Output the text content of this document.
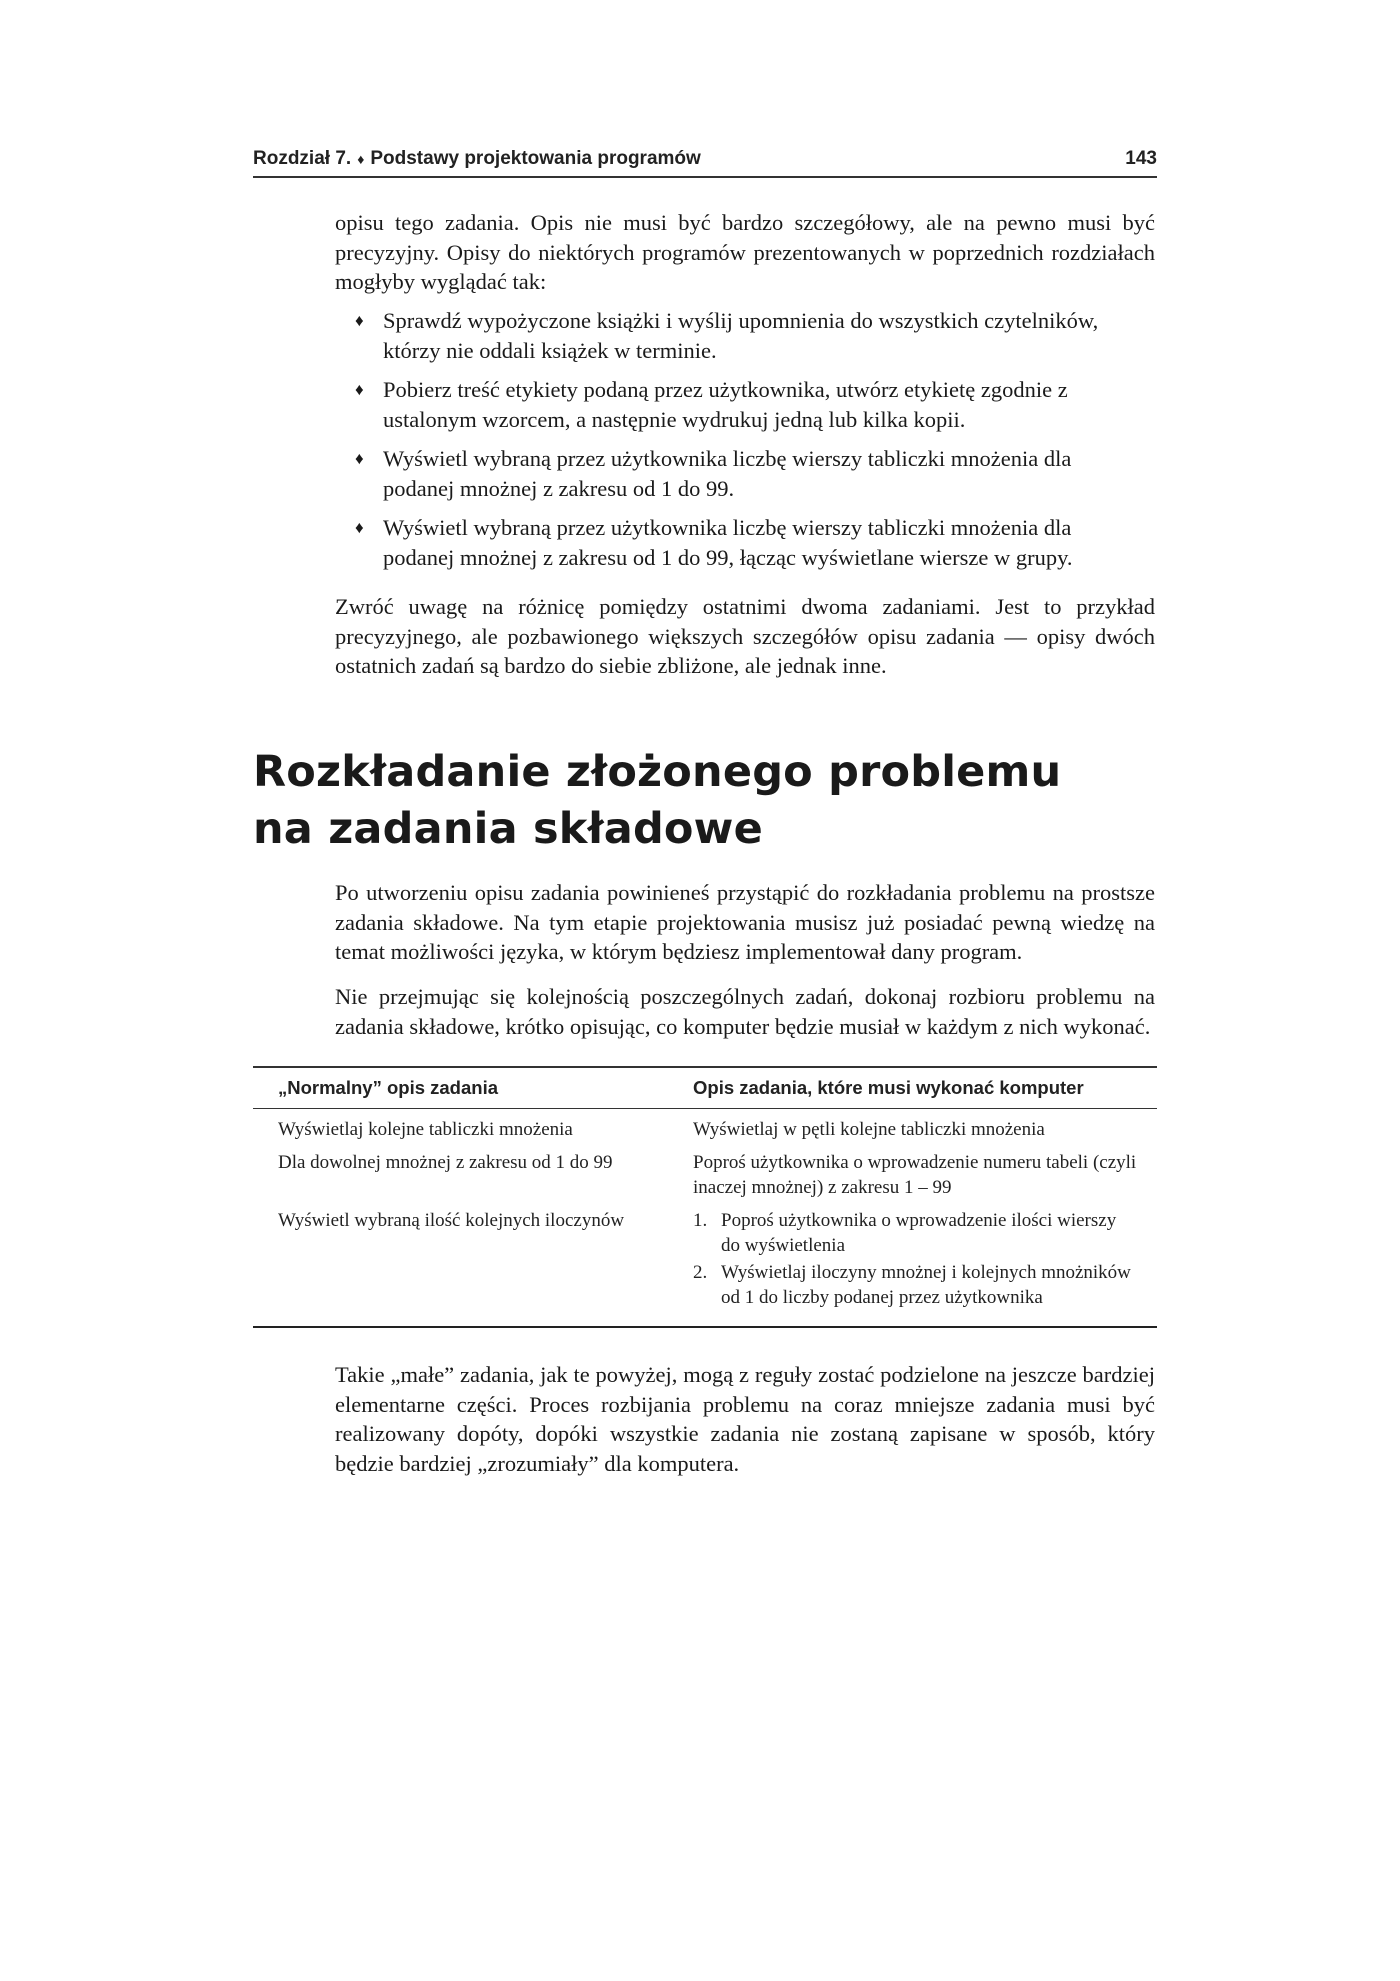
Rozdział 7. ♦ Podstawy projektowania programów	143

opisu tego zadania. Opis nie musi być bardzo szczegółowy, ale na pewno musi być precyzyjny. Opisy do niektórych programów prezentowanych w poprzednich rozdziałach mogłyby wyglądać tak:

♦ Sprawdź wypożyczone książki i wyślij upomnienia do wszystkich czytelników, którzy nie oddali książek w terminie.
♦ Pobierz treść etykiety podaną przez użytkownika, utwórz etykietę zgodnie z ustalonym wzorcem, a następnie wydrukuj jedną lub kilka kopii.
♦ Wyświetl wybraną przez użytkownika liczbę wierszy tabliczki mnożenia dla podanej mnożnej z zakresu od 1 do 99.
♦ Wyświetl wybraną przez użytkownika liczbę wierszy tabliczki mnożenia dla podanej mnożnej z zakresu od 1 do 99, łącząc wyświetlane wiersze w grupy.

Zwróć uwagę na różnicę pomiędzy ostatnimi dwoma zadaniami. Jest to przykład precyzyjnego, ale pozbawionego większych szczegółów opisu zadania — opisy dwóch ostatnich zadań są bardzo do siebie zbliżone, ale jednak inne.

Rozkładanie złożonego problemu
na zadania składowe

Po utworzeniu opisu zadania powinieneś przystąpić do rozkładania problemu na prostsze zadania składowe. Na tym etapie projektowania musisz już posiadać pewną wiedzę na temat możliwości języka, w którym będziesz implementował dany program.

Nie przejmując się kolejnością poszczególnych zadań, dokonaj rozbioru problemu na zadania składowe, krótko opisując, co komputer będzie musiał w każdym z nich wykonać.

„Normalny” opis zadania	Opis zadania, które musi wykonać komputer
Wyświetlaj kolejne tabliczki mnożenia	Wyświetlaj w pętli kolejne tabliczki mnożenia
Dla dowolnej mnożnej z zakresu od 1 do 99	Poproś użytkownika o wprowadzenie numeru tabeli (czyli inaczej mnożnej) z zakresu 1 – 99
Wyświetl wybraną ilość kolejnych iloczynów	1. Poproś użytkownika o wprowadzenie ilości wierszy do wyświetlenia
2. Wyświetlaj iloczyny mnożnej i kolejnych mnożników od 1 do liczby podanej przez użytkownika

Takie „małe” zadania, jak te powyżej, mogą z reguły zostać podzielone na jeszcze bardziej elementarne części. Proces rozbijania problemu na coraz mniejsze zadania musi być realizowany dopóty, dopóki wszystkie zadania nie zostaną zapisane w sposób, który będzie bardziej „zrozumiały” dla komputera.
